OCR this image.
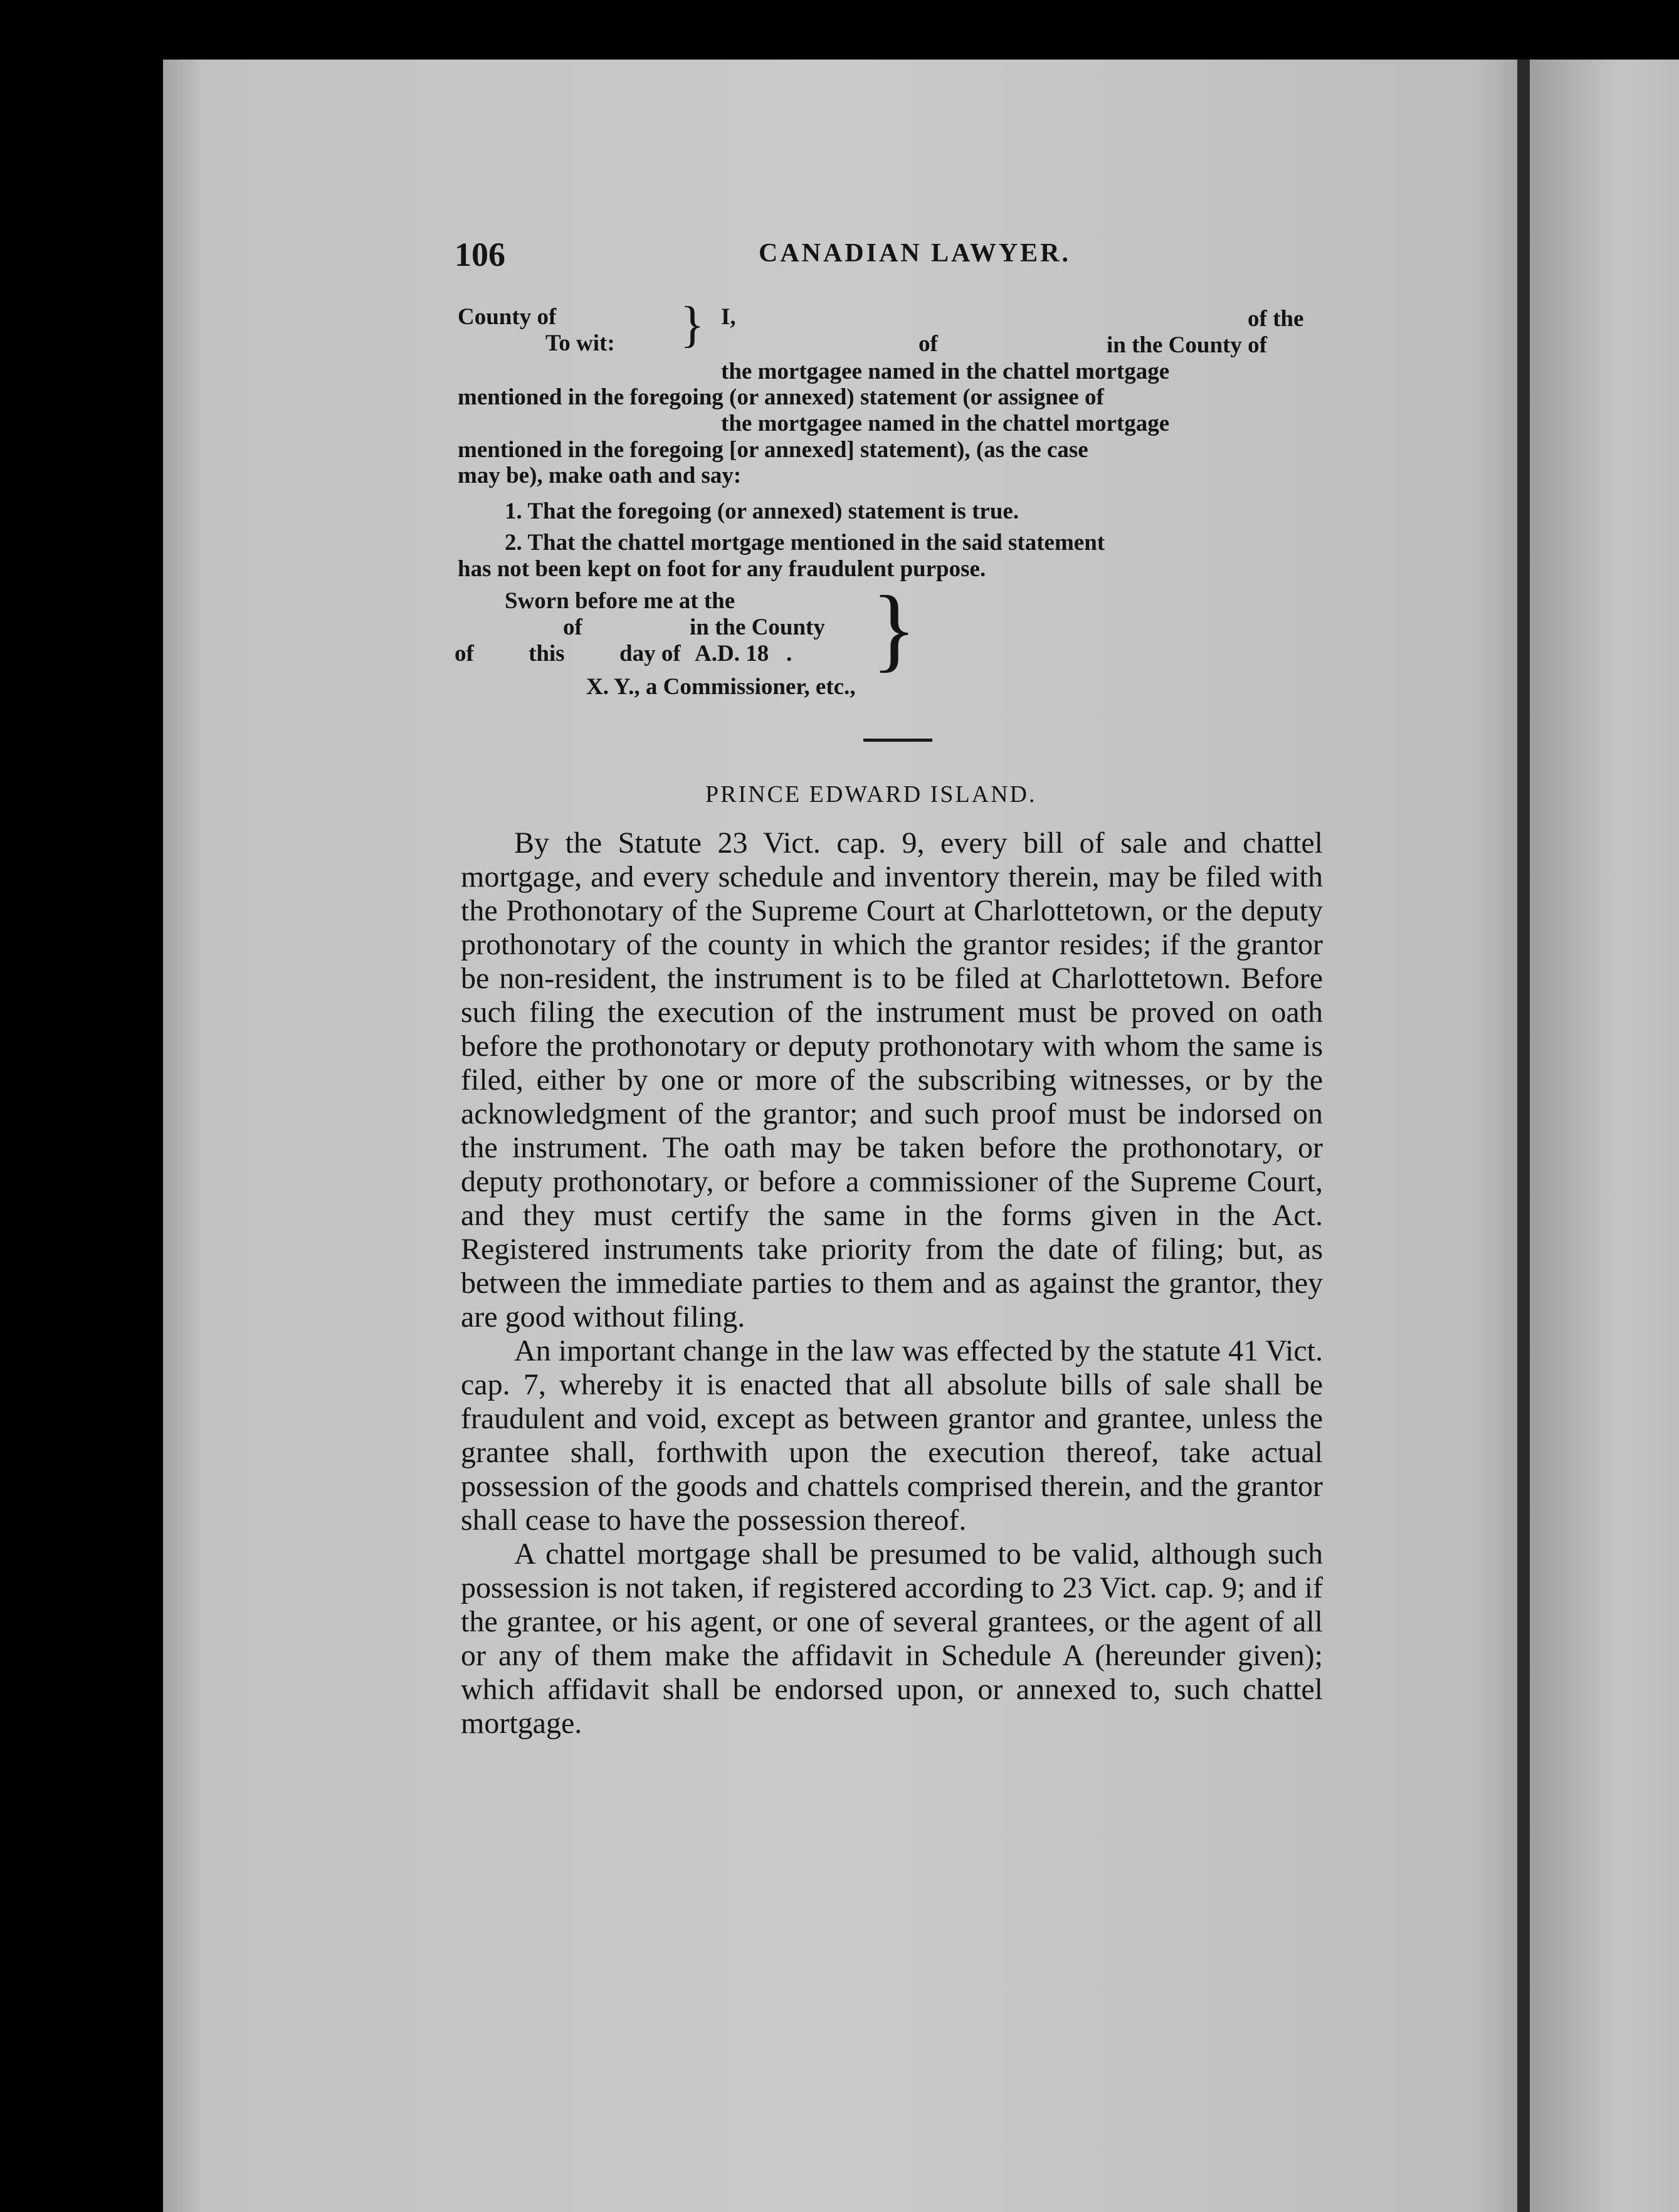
106	CANADIAN LAWYER.
County of
To wit: } I,	of the
of	in the County of
the mortgagee named in the chattel mortgage
mentioned in the foregoing (or annexed) statement (or assignee of
the mortgagee named in the chattel mortgage
mentioned in the foregoing [or annexed] statement), (as the case
may be), make oath and say:
1. That the foregoing (or annexed) statement is true.
2. That the chattel mortgage mentioned in the said statement
has not been kept on foot for any fraudulent purpose.
Sworn before me at the
of	in the County
of this day of A.D. 18   . }
X. Y., a Commissioner, etc.,
PRINCE EDWARD ISLAND.

By the Statute 23 Vict. cap. 9, every bill of sale and chattel mortgage, and every schedule and inventory therein, may be filed with the Prothonotary of the Supreme Court at Charlottetown, or the deputy prothonotary of the county in which the grantor resides; if the grantor be non-resident, the instrument is to be filed at Charlottetown. Before such filing the execution of the instrument must be proved on oath before the prothonotary or deputy prothonotary with whom the same is filed, either by one or more of the subscribing witnesses, or by the acknowledgment of the grantor; and such proof must be indorsed on the instrument. The oath may be taken before the prothonotary, or deputy prothonotary, or before a commissioner of the Supreme Court, and they must certify the same in the forms given in the Act. Registered instruments take priority from the date of filing; but, as between the immediate parties to them and as against the grantor, they are good without filing.

An important change in the law was effected by the statute 41 Vict. cap. 7, whereby it is enacted that all absolute bills of sale shall be fraudulent and void, except as between grantor and grantee, unless the grantee shall, forthwith upon the execution thereof, take actual possession of the goods and chattels comprised therein, and the grantor shall cease to have the possession thereof.

A chattel mortgage shall be presumed to be valid, although such possession is not taken, if registered according to 23 Vict. cap. 9; and if the grantee, or his agent, or one of several grantees, or the agent of all or any of them make the affidavit in Schedule A (hereunder given); which affidavit shall be endorsed upon, or annexed to, such chattel mortgage.
